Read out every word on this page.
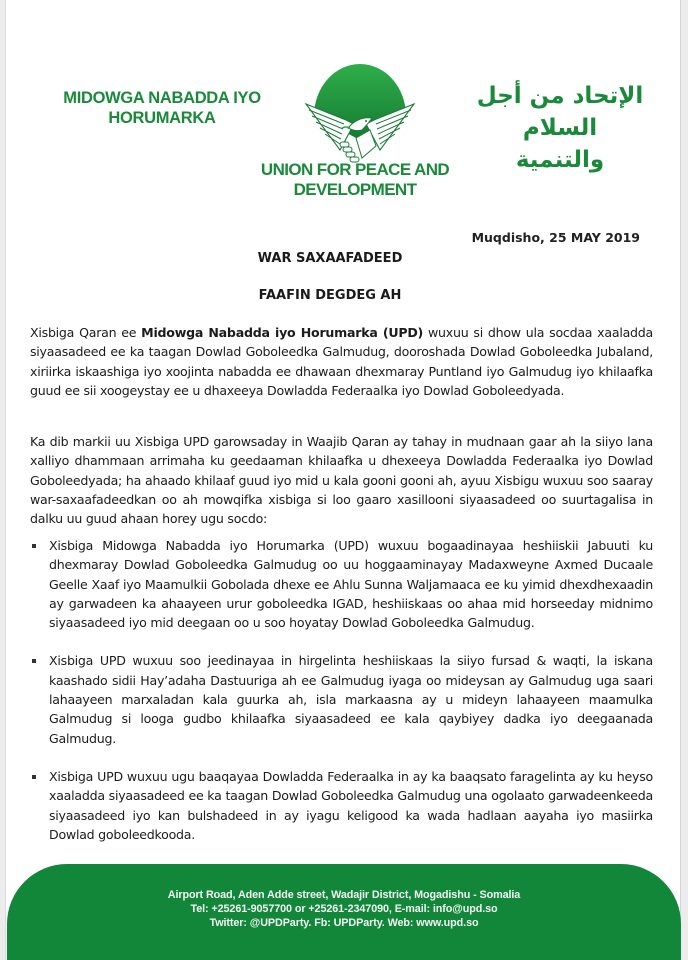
MIDOWGA NABADDA IYO
HORUMARKA
الإتحاد من أجل السلام
والتنمية
UNION FOR PEACE AND
DEVELOPMENT
Muqdisho, 25 MAY 2019
WAR SAXAAFADEED
FAAFIN DEGDEG AH
Xisbiga Qaran ee Midowga Nabadda iyo Horumarka (UPD) wuxuu si dhow ula socdaa xaaladda siyaasadeed ee ka taagan Dowlad Goboleedka Galmudug, dooroshada Dowlad Goboleedka Jubaland, xiriirka iskaashiga iyo xoojinta nabadda ee dhawaan dhexmaray Puntland iyo Galmudug iyo khilaafka guud ee sii xoogeystay ee u dhaxeeya Dowladda Federaalka iyo Dowlad Goboleedyada.
Ka dib markii uu Xisbiga UPD garowsaday in Waajib Qaran ay tahay in mudnaan gaar ah la siiyo lana xalliyo dhammaan arrimaha ku geedaaman khilaafka u dhexeeya Dowladda Federaalka iyo Dowlad Goboleedyada; ha ahaado khilaaf guud iyo mid u kala gooni gooni ah, ayuu Xisbigu wuxuu soo saaray war-saxaafadeedkan oo ah mowqifka xisbiga si loo gaaro xasillooni siyaasadeed oo suurtagalisa in dalku uu guud ahaan horey ugu socdo:
Xisbiga Midowga Nabadda iyo Horumarka (UPD) wuxuu bogaadinayaa heshiiskii Jabuuti ku dhexmaray Dowlad Goboleedka Galmudug oo uu hoggaaminayay Madaxweyne Axmed Ducaale Geelle Xaaf iyo Maamulkii Gobolada dhexe ee Ahlu Sunna Waljamaaca ee ku yimid dhexdhexaadin ay garwadeen ka ahaayeen urur goboleedka IGAD, heshiiskaas oo ahaa mid horseeday midnimo siyaasadeed iyo mid deegaan oo u soo hoyatay Dowlad Goboleedka Galmudug.
Xisbiga UPD wuxuu soo jeedinayaa in hirgelinta heshiiskaas la siiyo fursad & waqti, la iskana kaashado sidii Hay’adaha Dastuuriga ah ee Galmudug iyaga oo mideysan ay Galmudug uga saari lahaayeen marxaladan kala guurka ah, isla markaasna ay u mideyn lahaayeen maamulka Galmudug si looga gudbo khilaafka siyaasadeed ee kala qaybiyey dadka iyo deegaanada Galmudug.
Xisbiga UPD wuxuu ugu baaqayaa Dowladda Federaalka in ay ka baaqsato faragelinta ay ku heyso xaaladda siyaasadeed ee ka taagan Dowlad Goboleedka Galmudug una ogolaato garwadeenkeeda siyaasadeed iyo kan bulshadeed in ay iyagu keligood ka wada hadlaan aayaha iyo masiirka Dowlad goboleedkooda.
Airport Road, Aden Adde street, Wadajir District, Mogadishu - Somalia
Tel: +25261-9057700 or +25261-2347090, E-mail: info@upd.so
Twitter: @UPDParty. Fb: UPDParty. Web: www.upd.so
